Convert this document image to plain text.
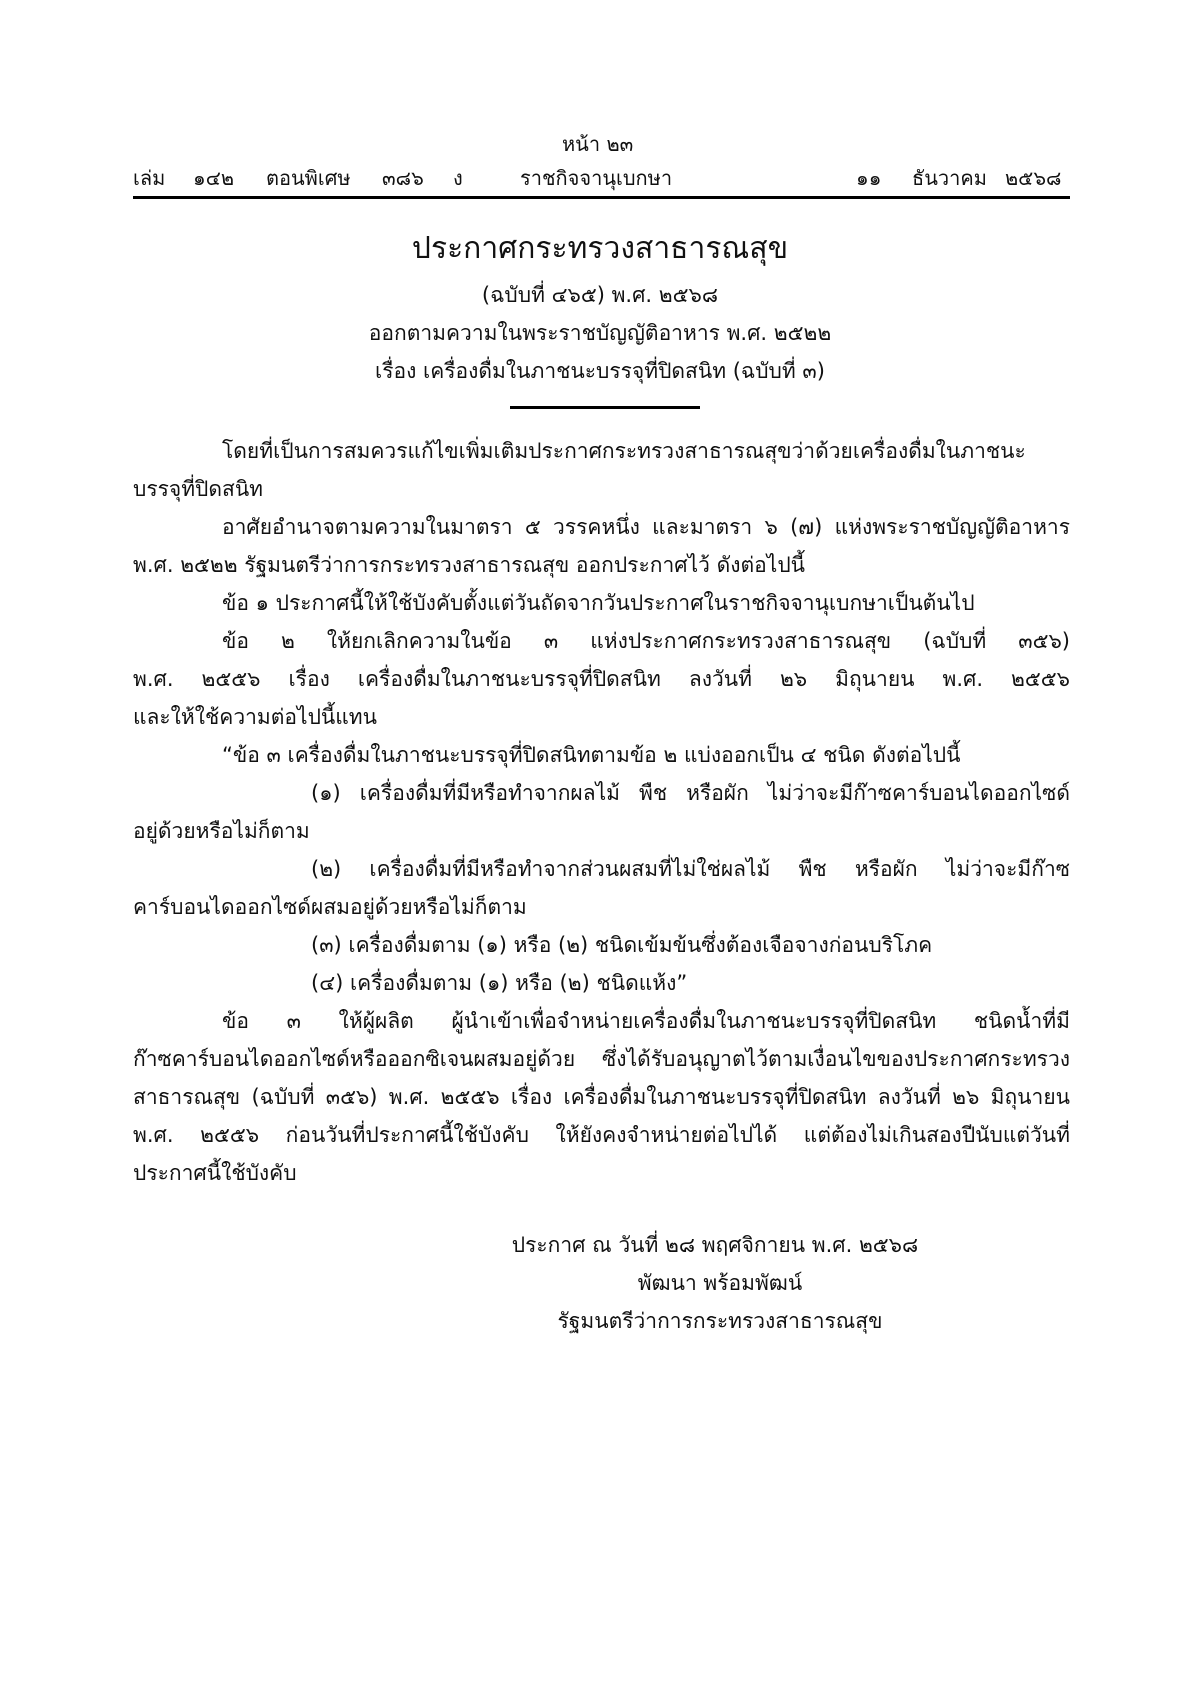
หน้า ๒๓
เล่ม ๑๔๒ ตอนพิเศษ ๓๘๖ ง	ราชกิจจานุเบกษา	๑๑ ธันวาคม ๒๕๖๘
ประกาศกระทรวงสาธารณสุข
(ฉบับที่ ๔๖๕) พ.ศ. ๒๕๖๘
ออกตามความในพระราชบัญญัติอาหาร พ.ศ. ๒๕๒๒
เรื่อง เครื่องดื่มในภาชนะบรรจุที่ปิดสนิท (ฉบับที่ ๓)
โดยที่เป็นการสมควรแก้ไขเพิ่มเติมประกาศกระทรวงสาธารณสุขว่าด้วยเครื่องดื่มในภาชนะ
บรรจุที่ปิดสนิท
อาศัยอำนาจตามความในมาตรา ๕ วรรคหนึ่ง และมาตรา ๖ (๗) แห่งพระราชบัญญัติอาหาร
พ.ศ. ๒๕๒๒ รัฐมนตรีว่าการกระทรวงสาธารณสุข ออกประกาศไว้ ดังต่อไปนี้
ข้อ ๑ ประกาศนี้ให้ใช้บังคับตั้งแต่วันถัดจากวันประกาศในราชกิจจานุเบกษาเป็นต้นไป
ข้อ ๒ ให้ยกเลิกความในข้อ ๓ แห่งประกาศกระทรวงสาธารณสุข (ฉบับที่ ๓๕๖)
พ.ศ. ๒๕๕๖ เรื่อง เครื่องดื่มในภาชนะบรรจุที่ปิดสนิท ลงวันที่ ๒๖ มิถุนายน พ.ศ. ๒๕๕๖
และให้ใช้ความต่อไปนี้แทน
“ข้อ ๓ เครื่องดื่มในภาชนะบรรจุที่ปิดสนิทตามข้อ ๒ แบ่งออกเป็น ๔ ชนิด ดังต่อไปนี้
(๑) เครื่องดื่มที่มีหรือทำจากผลไม้ พืช หรือผัก ไม่ว่าจะมีก๊าซคาร์บอนไดออกไซด์
อยู่ด้วยหรือไม่ก็ตาม
(๒) เครื่องดื่มที่มีหรือทำจากส่วนผสมที่ไม่ใช่ผลไม้ พืช หรือผัก ไม่ว่าจะมีก๊าซ
คาร์บอนไดออกไซด์ผสมอยู่ด้วยหรือไม่ก็ตาม
(๓) เครื่องดื่มตาม (๑) หรือ (๒) ชนิดเข้มข้นซึ่งต้องเจือจางก่อนบริโภค
(๔) เครื่องดื่มตาม (๑) หรือ (๒) ชนิดแห้ง”
ข้อ ๓ ให้ผู้ผลิต ผู้นำเข้าเพื่อจำหน่ายเครื่องดื่มในภาชนะบรรจุที่ปิดสนิท ชนิดน้ำที่มี
ก๊าซคาร์บอนไดออกไซด์หรือออกซิเจนผสมอยู่ด้วย ซึ่งได้รับอนุญาตไว้ตามเงื่อนไขของประกาศกระทรวง
สาธารณสุข (ฉบับที่ ๓๕๖) พ.ศ. ๒๕๕๖ เรื่อง เครื่องดื่มในภาชนะบรรจุที่ปิดสนิท ลงวันที่ ๒๖ มิถุนายน
พ.ศ. ๒๕๕๖ ก่อนวันที่ประกาศนี้ใช้บังคับ ให้ยังคงจำหน่ายต่อไปได้ แต่ต้องไม่เกินสองปีนับแต่วันที่
ประกาศนี้ใช้บังคับ
ประกาศ ณ วันที่ ๒๘ พฤศจิกายน พ.ศ. ๒๕๖๘
พัฒนา พร้อมพัฒน์
รัฐมนตรีว่าการกระทรวงสาธารณสุข
